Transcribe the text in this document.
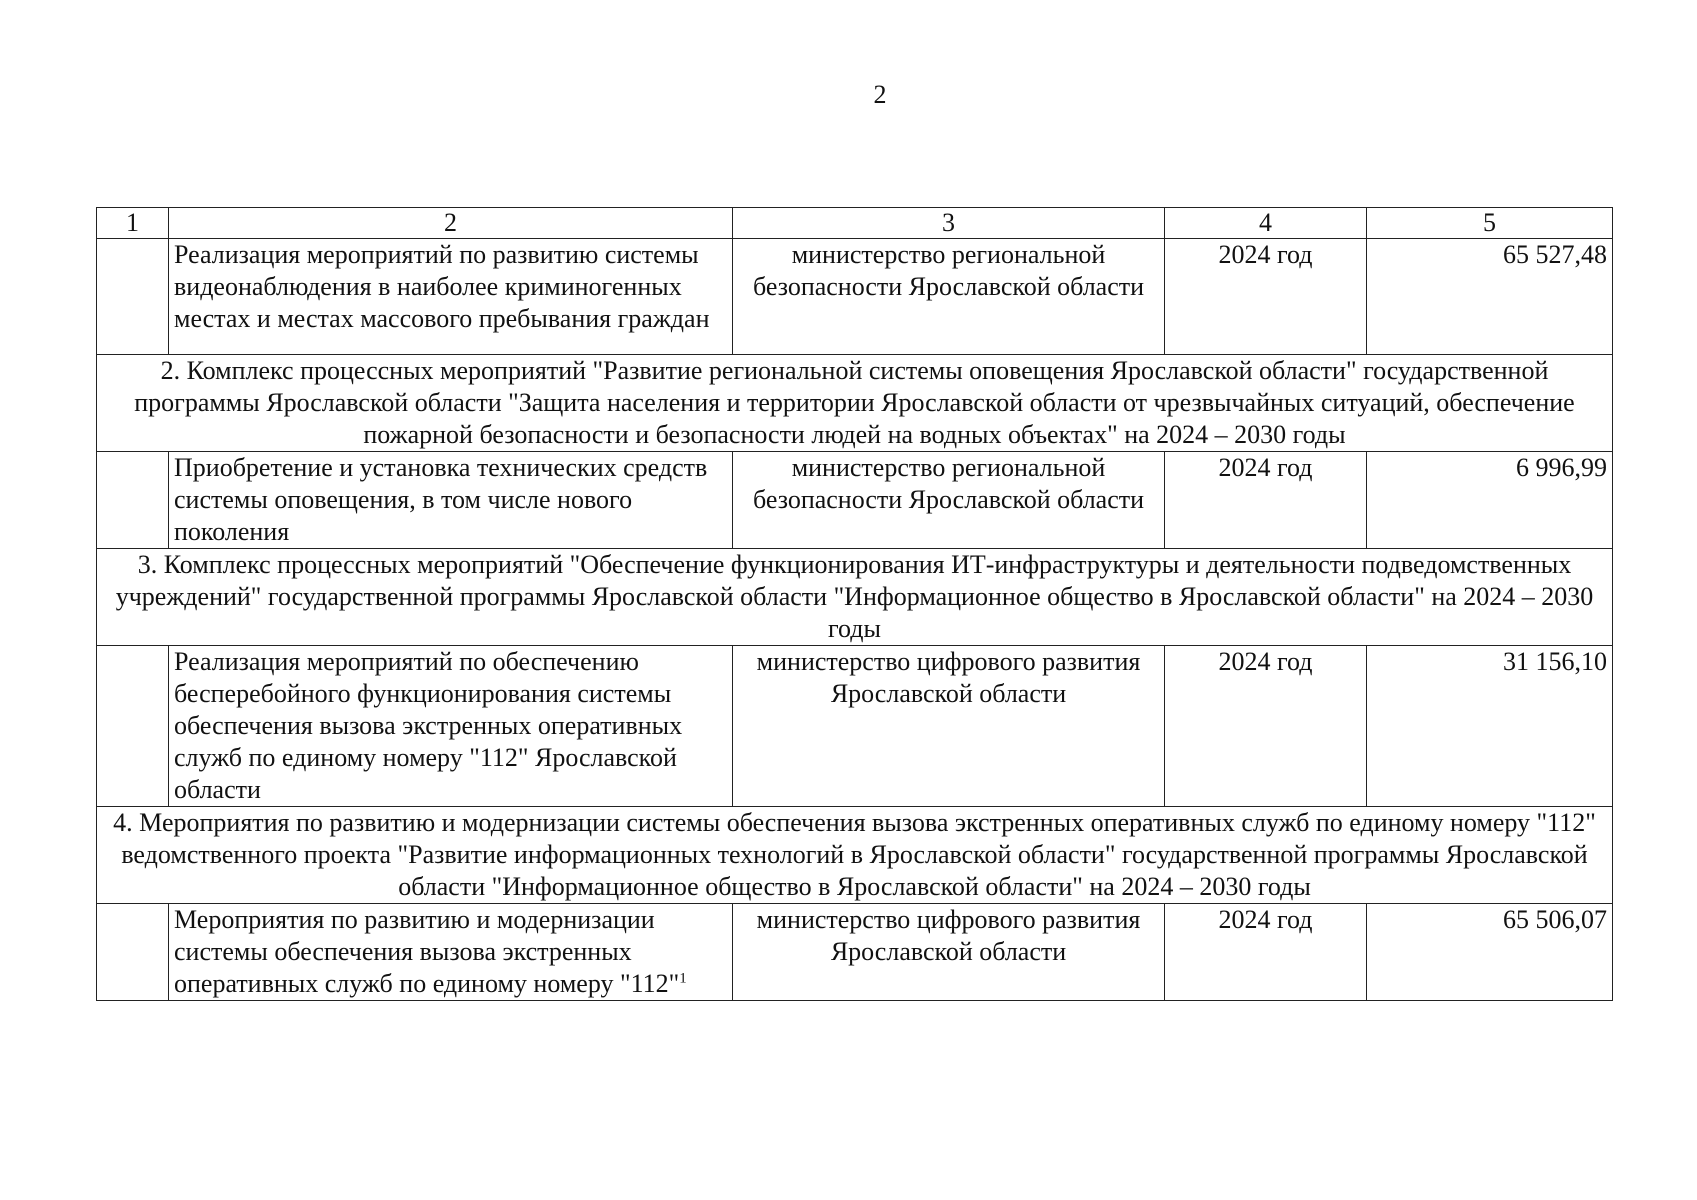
2
1	2	3	4	5
	Реализация мероприятий по развитию системы видеонаблюдения в наиболее криминогенных местах и местах массового пребывания граждан	министерство региональной безопасности Ярославской области	2024 год	65 527,48
2. Комплекс процессных мероприятий "Развитие региональной системы оповещения Ярославской области" государственной программы Ярославской области "Защита населения и территории Ярославской области от чрезвычайных ситуаций, обеспечение пожарной безопасности и безопасности людей на водных объектах" на 2024 – 2030 годы				
	Приобретение и установка технических средств системы оповещения, в том числе нового поколения	министерство региональной безопасности Ярославской области	2024 год	6 996,99
3. Комплекс процессных мероприятий "Обеспечение функционирования ИТ-инфраструктуры и деятельности подведомственных учреждений" государственной программы Ярославской области "Информационное общество в Ярославской области" на 2024 – 2030 годы				
	Реализация мероприятий по обеспечению бесперебойного функционирования системы обеспечения вызова экстренных оперативных служб по единому номеру "112" Ярославской области	министерство цифрового развития Ярославской области	2024 год	31 156,10
4. Мероприятия по развитию и модернизации системы обеспечения вызова экстренных оперативных служб по единому номеру "112" ведомственного проекта "Развитие информационных технологий в Ярославской области" государственной программы Ярославской области "Информационное общество в Ярославской области" на 2024 – 2030 годы				
	Мероприятия по развитию и модернизации системы обеспечения вызова экстренных оперативных служб по единому номеру "112"$^1$	министерство цифрового развития Ярославской области	2024 год	65 506,07
